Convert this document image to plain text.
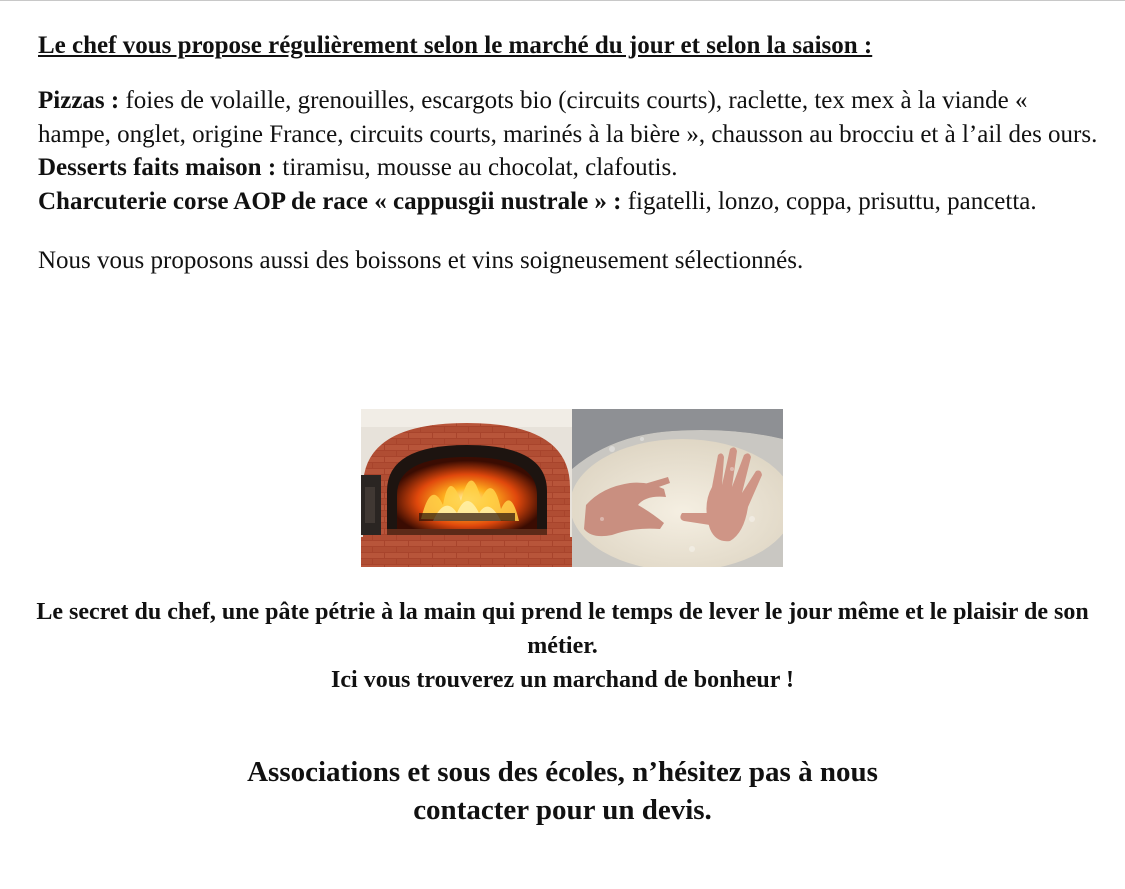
Le chef vous propose régulièrement selon le marché du jour et selon la saison :

Pizzas : foies de volaille, grenouilles, escargots bio (circuits courts), raclette, tex mex à la viande « hampe, onglet, origine France, circuits courts, marinés à la bière », chausson au brocciu et à l’ail des ours.

Desserts faits maison : tiramisu, mousse au chocolat, clafoutis.

Charcuterie corse AOP de race « cappusgii nustrale » : figatelli, lonzo, coppa, prisuttu, pancetta.

Nous vous proposons aussi des boissons et vins soigneusement sélectionnés.

Le secret du chef, une pâte pétrie à la main qui prend le temps de lever le jour même et le plaisir de son métier.
Ici vous trouverez un marchand de bonheur !
Associations et sous des écoles, n’hésitez pas à nous contacter pour un devis.
